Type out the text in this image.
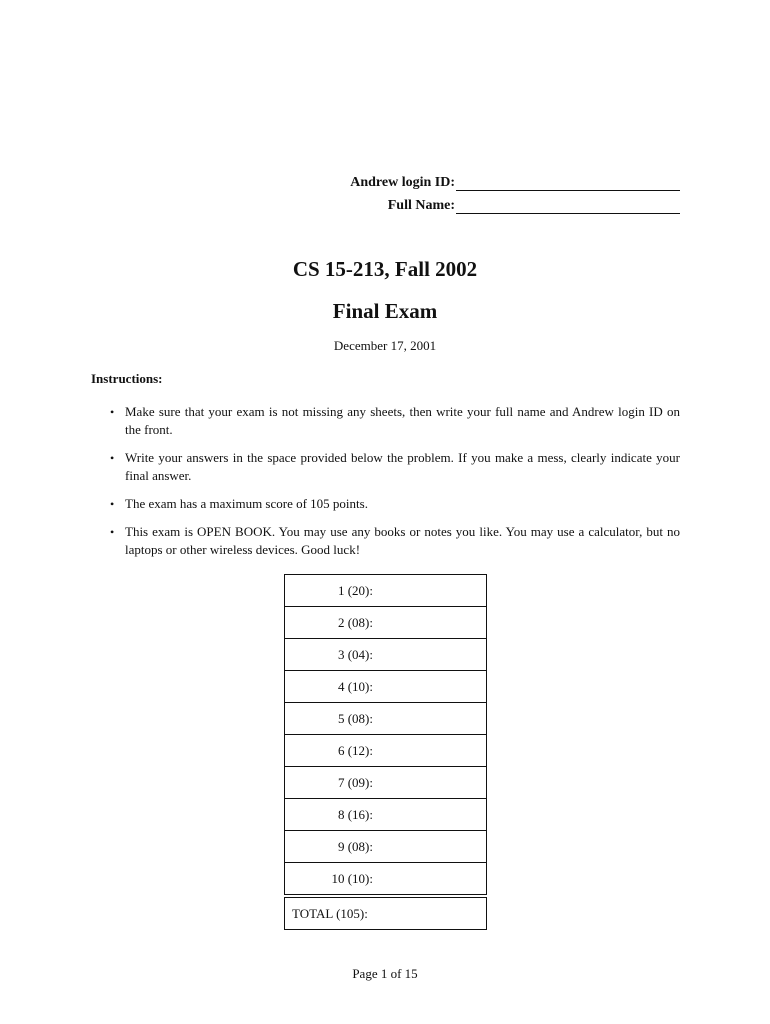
Andrew login ID:
Full Name:
CS 15-213, Fall 2002
Final Exam
December 17, 2001
Instructions:
• Make sure that your exam is not missing any sheets, then write your full name and Andrew login ID on the front.
• Write your answers in the space provided below the problem. If you make a mess, clearly indicate your final answer.
• The exam has a maximum score of 105 points.
• This exam is OPEN BOOK. You may use any books or notes you like. You may use a calculator, but no laptops or other wireless devices. Good luck!
1 (20):
2 (08):
3 (04):
4 (10):
5 (08):
6 (12):
7 (09):
8 (16):
9 (08):
10 (10):
TOTAL (105):
Page 1 of 15
